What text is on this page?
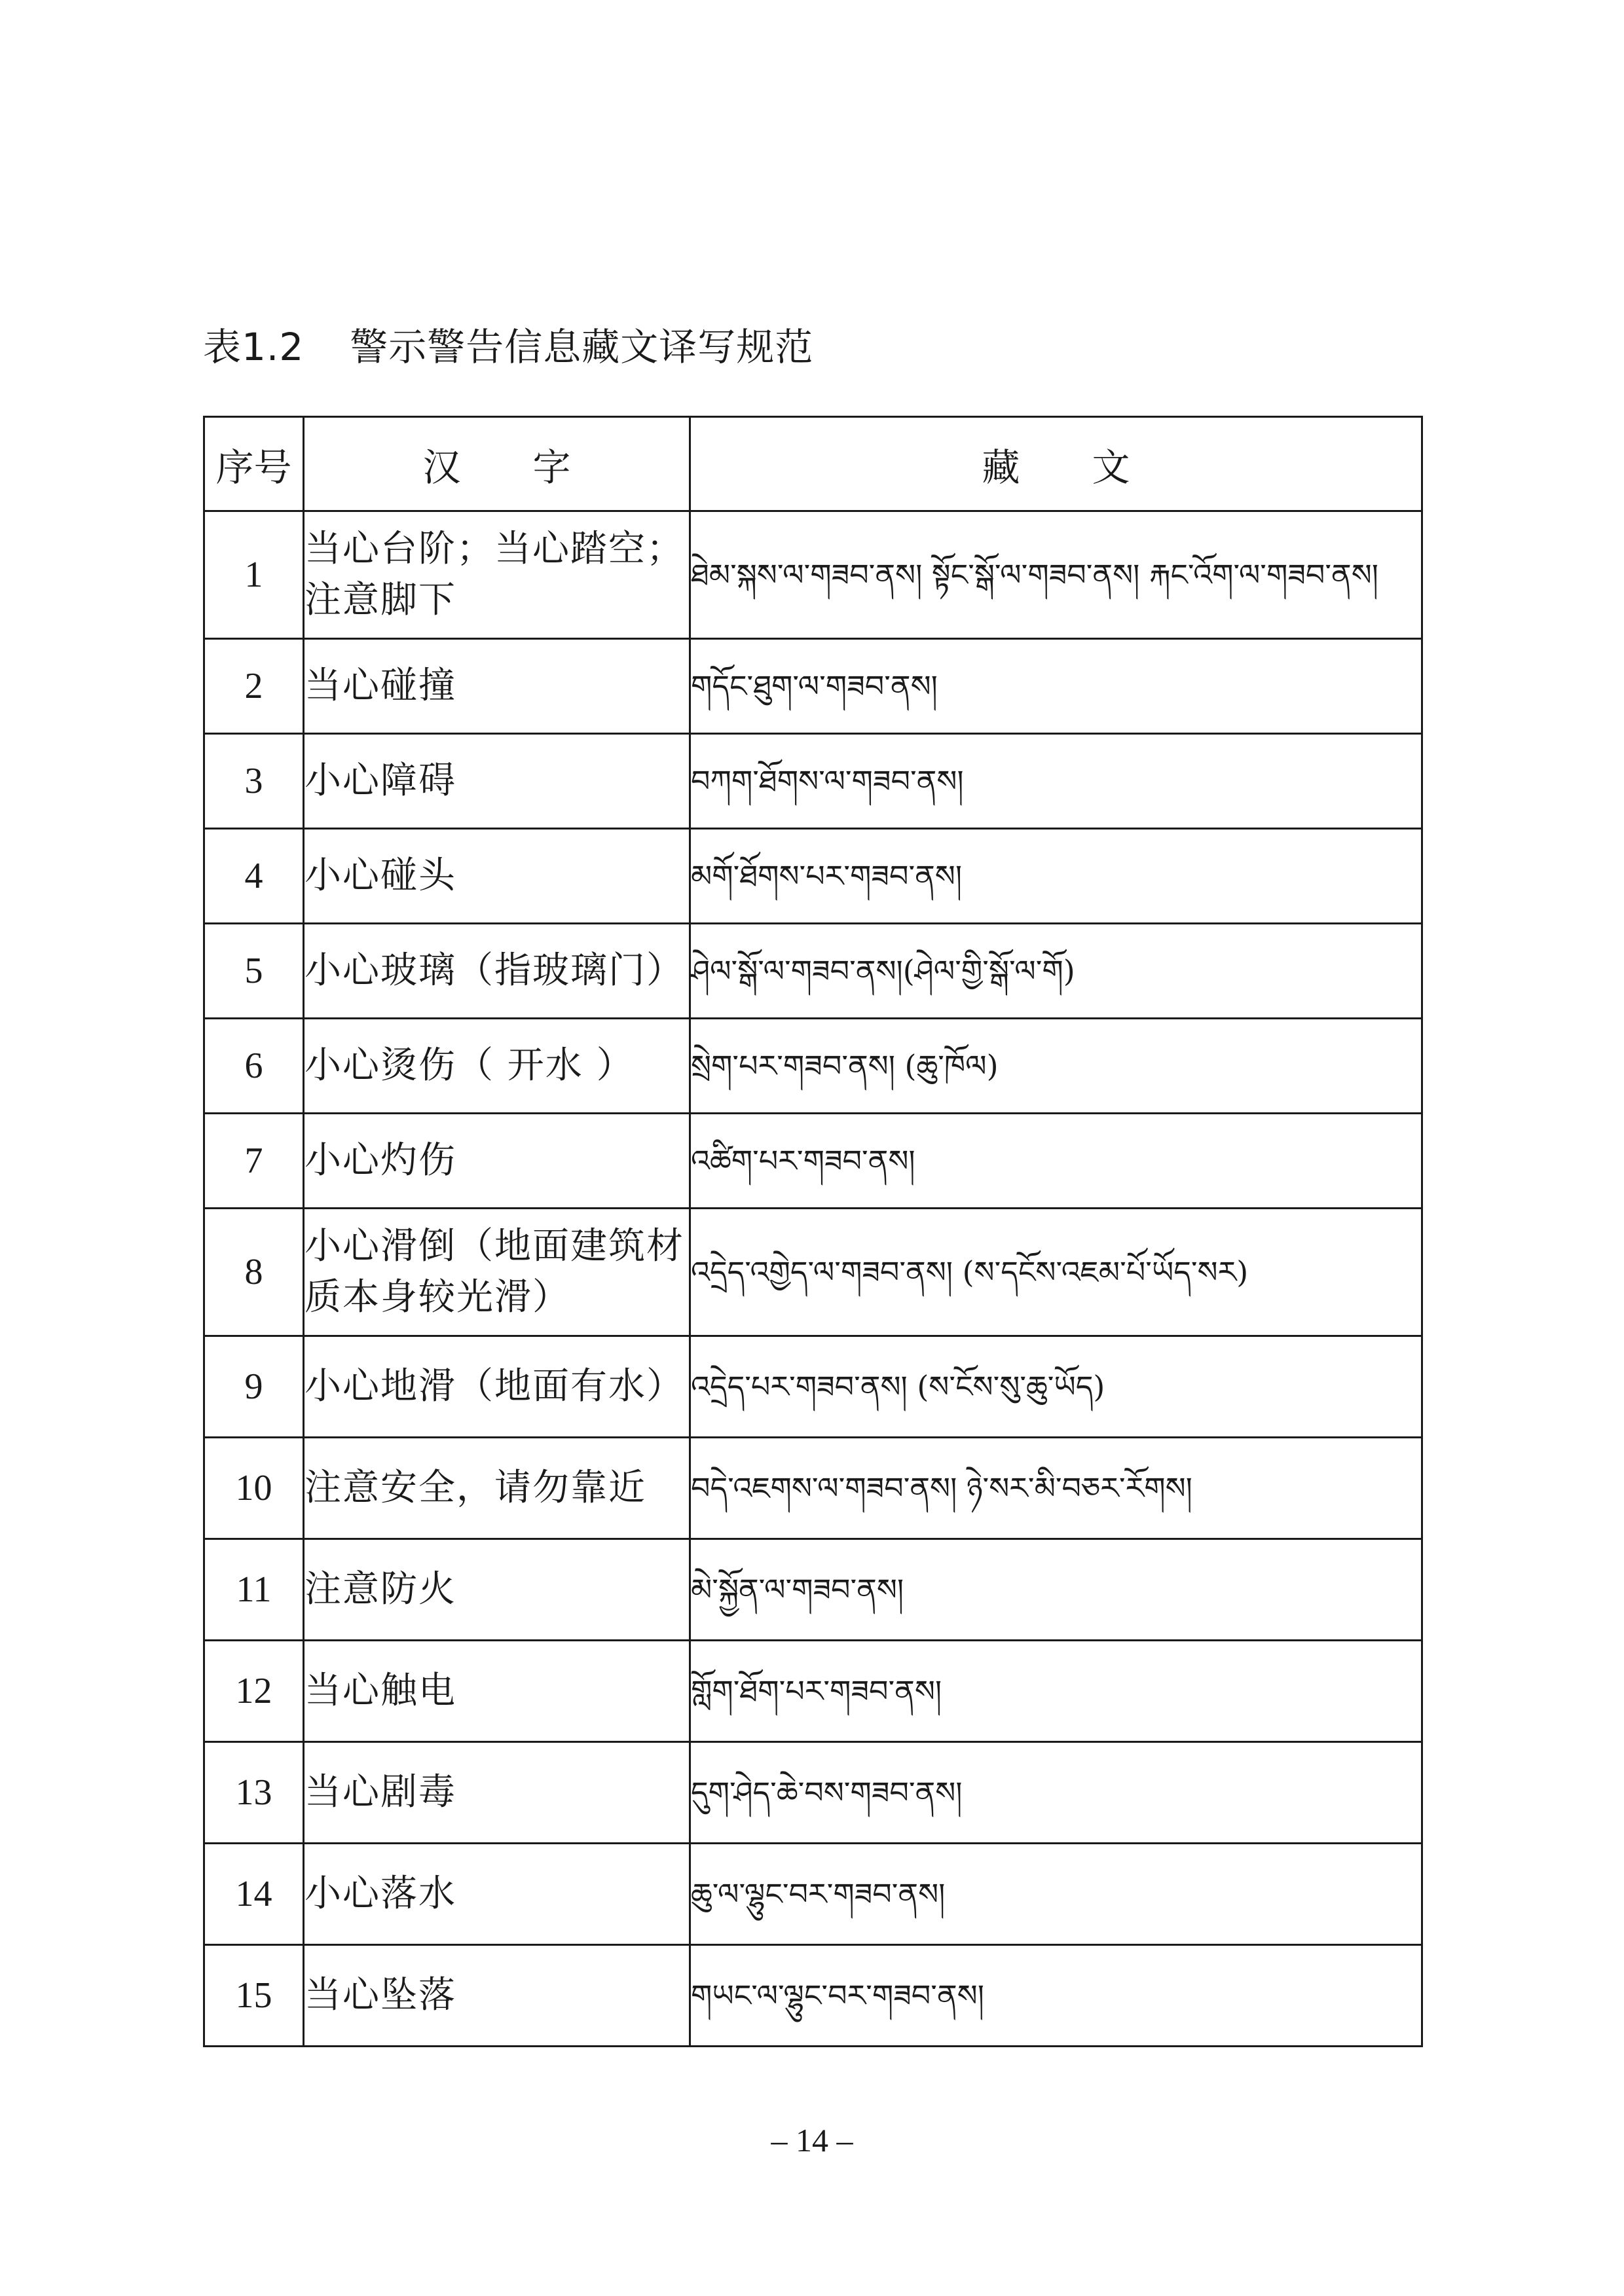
表1.2 警示警告信息藏文译写规范
序号	汉字	藏文
1	当心台阶；当心踏空；注意脚下	ཐེམ་སྐས་ལ་གཟབ་ནས། སྟོང་སྒོ་ལ་གཟབ་ནས། རྐང་འོག་ལ་གཟབ་ནས།
2	当心碰撞	གདོང་ཐུག་ལ་གཟབ་ནས།
3	小心障碍	བཀག་ཐོགས་ལ་གཟབ་ནས།
4	小心碰头	མགོ་ཐོགས་པར་གཟབ་ནས།
5	小心玻璃（指玻璃门）	ཤེལ་སྒོ་ལ་གཟབ་ནས།(ཤེལ་གྱི་སྒོ་ལ་གོ)
6	小心烫伤（ 开水 ）	སྲེག་པར་གཟབ་ནས། (ཆུ་ཁོལ)
7	小心灼伤	འཚིག་པར་གཟབ་ནས།
8	小心滑倒（地面建筑材质本身较光滑）	འདྲེད་འགྱེད་ལ་གཟབ་ནས། (ས་དངོས་འཇམ་པོ་ཡོད་སར)
9	小心地滑（地面有水）	འདྲེད་པར་གཟབ་ནས། (ས་ངོས་སུ་ཆུ་ཡོད)
10	注意安全，请勿靠近	བདེ་འཇགས་ལ་གཟབ་ནས། ཉེ་སར་མི་བཅར་རོགས།
11	注意防火	མེ་སྐྱོན་ལ་གཟབ་ནས།
12	当心触电	གློག་ཐོག་པར་གཟབ་ནས།
13	当心剧毒	དུག་ཤེད་ཆེ་བས་གཟབ་ནས།
14	小心落水	ཆུ་ལ་ལྷུང་བར་གཟབ་ནས།
15	当心坠落	གཡང་ལ་ལྷུང་བར་གཟབ་ནས།
– 14 –
